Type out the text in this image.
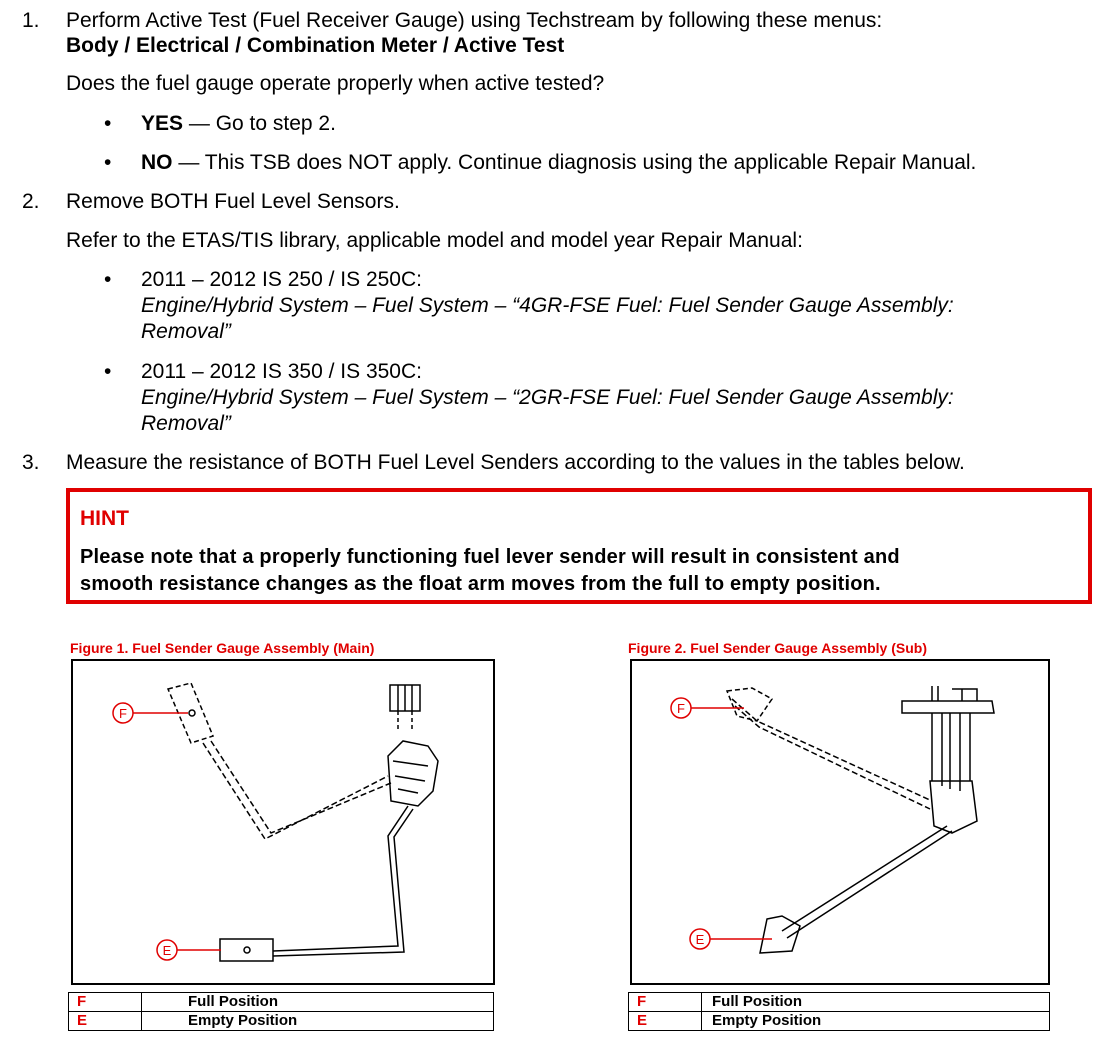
1. Perform Active Test (Fuel Receiver Gauge) using Techstream by following these menus:
Body / Electrical / Combination Meter / Active Test
Does the fuel gauge operate properly when active tested?
• YES — Go to step 2.
• NO — This TSB does NOT apply. Continue diagnosis using the applicable Repair Manual.
2. Remove BOTH Fuel Level Sensors.
Refer to the ETAS/TIS library, applicable model and model year Repair Manual:
• 2011 – 2012 IS 250 / IS 250C:
Engine/Hybrid System – Fuel System – “4GR-FSE Fuel: Fuel Sender Gauge Assembly:
Removal”
• 2011 – 2012 IS 350 / IS 350C:
Engine/Hybrid System – Fuel System – “2GR-FSE Fuel: Fuel Sender Gauge Assembly:
Removal”
3. Measure the resistance of BOTH Fuel Level Senders according to the values in the tables below.
HINT
Please note that a properly functioning fuel lever sender will result in consistent and
smooth resistance changes as the float arm moves from the full to empty position.
Figure 1. Fuel Sender Gauge Assembly (Main)
F
E
F	Full Position
E	Empty Position
Figure 2. Fuel Sender Gauge Assembly (Sub)
F
E
F	Full Position
E	Empty Position
